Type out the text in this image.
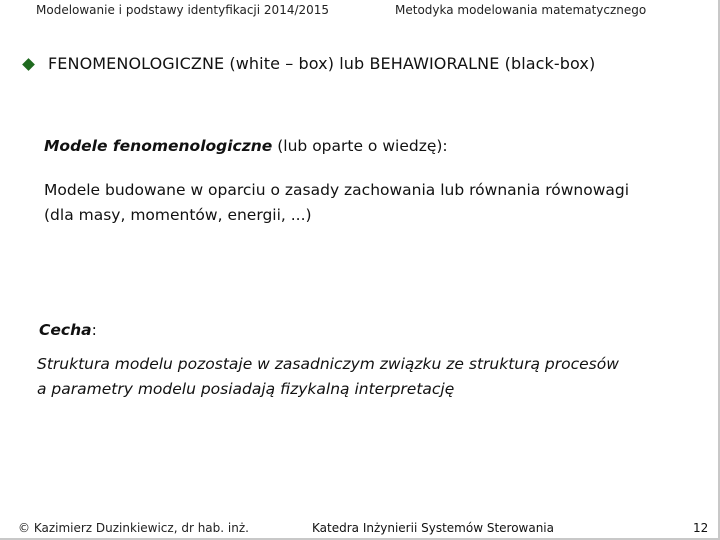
Modelowanie i podstawy identyfikacji 2014/2015	Metodyka modelowania matematycznego
FENOMENOLOGICZNE (white – box) lub BEHAWIORALNE (black-box)
Modele fenomenologiczne (lub oparte o wiedzę):
Modele budowane w oparciu o zasady zachowania lub równania równowagi
(dla masy, momentów, energii, ...)
Cecha:
Struktura modelu pozostaje w zasadniczym związku ze strukturą procesów
a parametry modelu posiadają fizykalną interpretację
© Kazimierz Duzinkiewicz, dr hab. inż.	Katedra Inżynierii Systemów Sterowania	12
